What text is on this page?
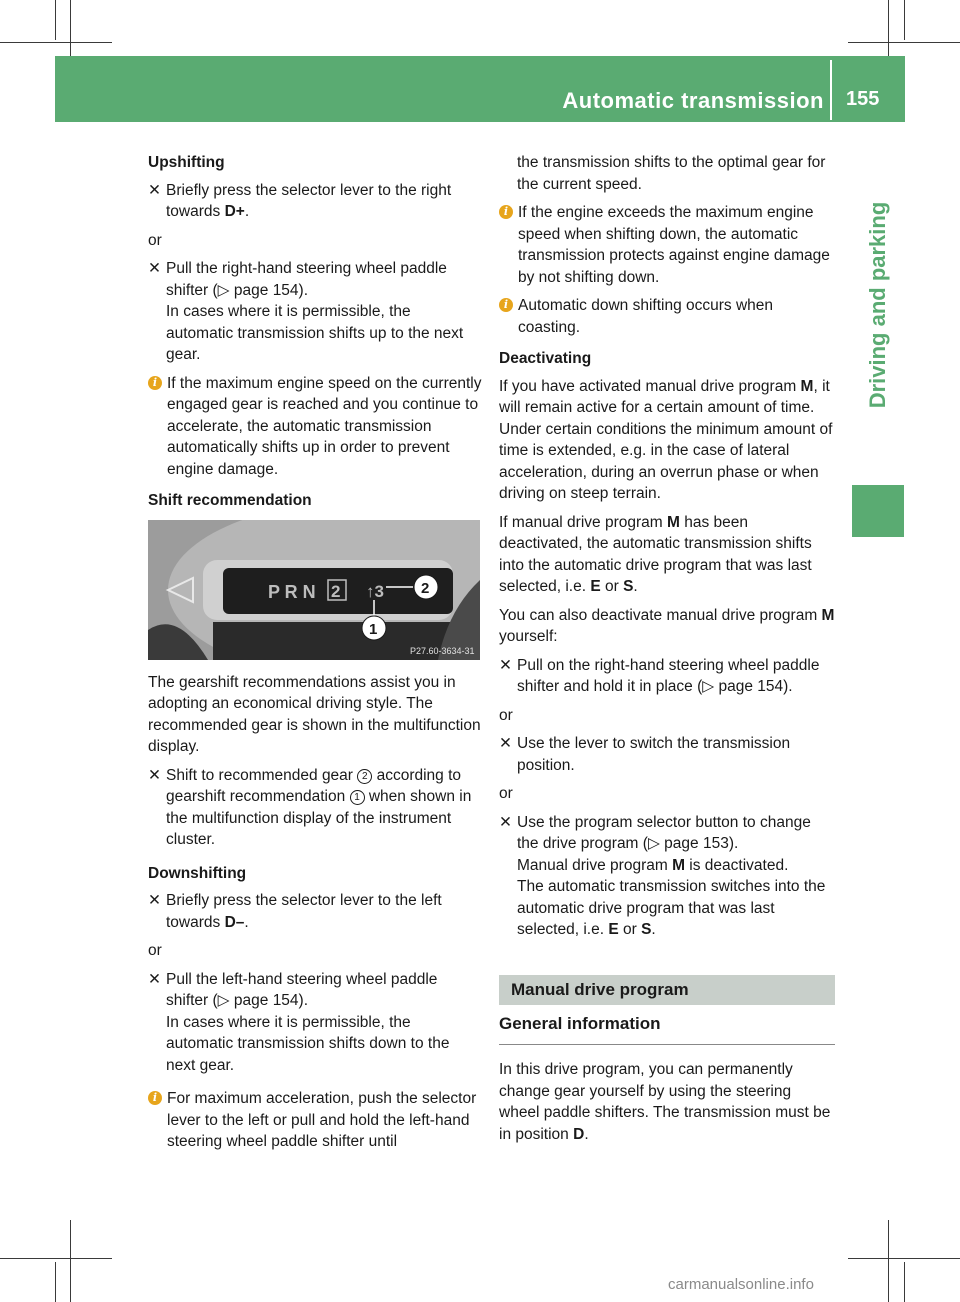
Automatic transmission 155
Driving and parking
Upshifting
✕ Briefly press the selector lever to the right towards D+.
or
✕ Pull the right-hand steering wheel paddle shifter (▷ page 154).
In cases where it is permissible, the automatic transmission shifts up to the next gear.
i If the maximum engine speed on the currently engaged gear is reached and you continue to accelerate, the automatic transmission automatically shifts up in order to prevent engine damage.
Shift recommendation
P R N 2 ↑3 2
1
P27.60-3634-31

The gearshift recommendations assist you in adopting an economical driving style. The recommended gear is shown in the multifunction display.

✕ Shift to recommended gear 2 according to gearshift recommendation 1 when shown in the multifunction display of the instrument cluster.
Downshifting
✕ Briefly press the selector lever to the left towards D–.
or
✕ Pull the left-hand steering wheel paddle shifter (▷ page 154).
In cases where it is permissible, the automatic transmission shifts down to the next gear.
i For maximum acceleration, push the selector lever to the left or pull and hold the left-hand steering wheel paddle shifter until
the transmission shifts to the optimal gear for the current speed.
i If the engine exceeds the maximum engine speed when shifting down, the automatic transmission protects against engine damage by not shifting down.
i Automatic down shifting occurs when coasting.
Deactivating

If you have activated manual drive program M, it will remain active for a certain amount of time. Under certain conditions the minimum amount of time is extended, e.g. in the case of lateral acceleration, during an overrun phase or when driving on steep terrain.

If manual drive program M has been deactivated, the automatic transmission shifts into the automatic drive program that was last selected, i.e. E or S.

You can also deactivate manual drive program M yourself:

✕ Pull on the right-hand steering wheel paddle shifter and hold it in place (▷ page 154).
or
✕ Use the lever to switch the transmission position.
or
✕ Use the program selector button to change the drive program (▷ page 153).
Manual drive program M is deactivated.
The automatic transmission switches into the automatic drive program that was last selected, i.e. E or S.
Manual drive program
General information

In this drive program, you can permanently change gear yourself by using the steering wheel paddle shifters. The transmission must be in position D.

carmanualsonline.info
